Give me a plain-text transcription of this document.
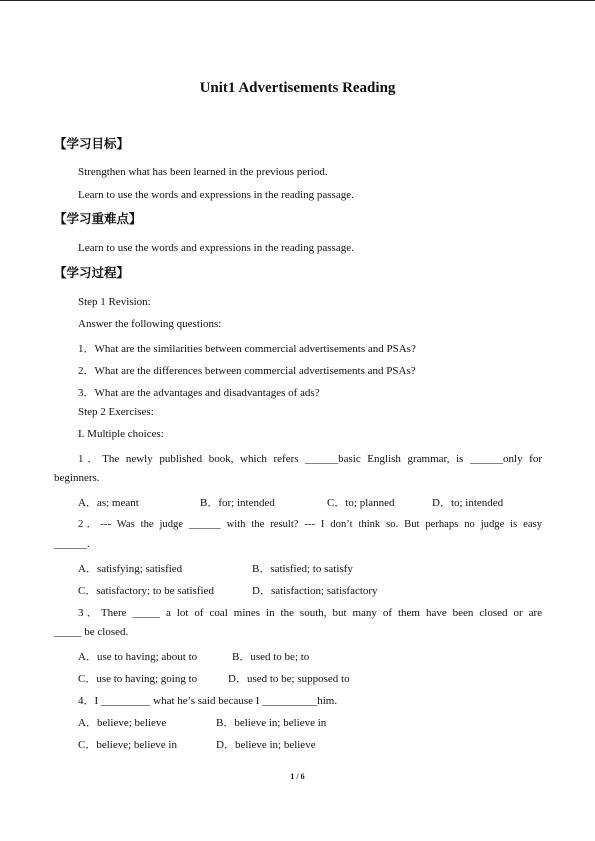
Unit1 Advertisements Reading
【学习目标】
Strengthen what has been learned in the previous period.
Learn to use the words and expressions in the reading passage.
【学习重难点】
Learn to use the words and expressions in the reading passage.
【学习过程】
Step 1 Revision:
Answer the following questions:
1．What are the similarities between commercial advertisements and PSAs?
2．What are the differences between commercial advertisements and PSAs?
3．What are the advantages and disadvantages of ads?
Step 2 Exercises:
I. Multiple choices:
1．The newly published book, which refers ______basic English grammar, is ______only for
beginners.
A．as; meant	B．for; intended	C．to; planned	D．to; intended
2．--- Was the judge ______ with the result? --- I don’t think so. But perhaps no judge is easy
______.
A．satisfying; satisfied	B．satisfied; to satisfy
C．satisfactory; to be satisfied	D．satisfaction; satisfactory
3．There _____ a lot of coal mines in the south, but many of them have been closed or are
_____ be closed.
A．use to having; about to	B．used to be; to
C．use to having; going to	D．used to be; supposed to
4．I _________ what he’s said because I __________him.
A．believe; believe	B．believe in; believe in
C．believe; believe in	D．believe in; believe
1 / 6
